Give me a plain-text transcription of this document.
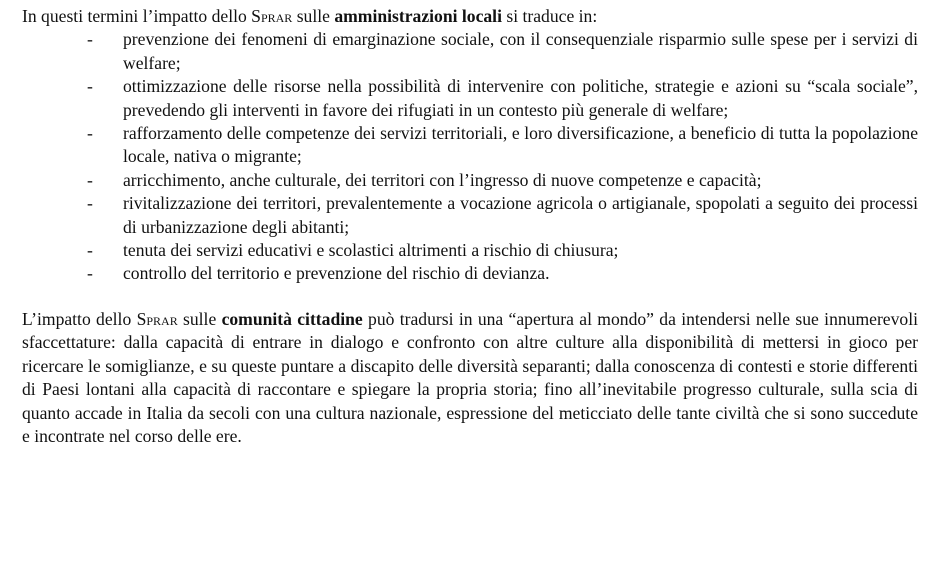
In questi termini l’impatto dello Sprar sulle amministrazioni locali si traduce in:

- prevenzione dei fenomeni di emarginazione sociale, con il consequenziale risparmio sulle spese per i servizi di welfare;
- ottimizzazione delle risorse nella possibilità di intervenire con politiche, strategie e azioni su “scala sociale”, prevedendo gli interventi in favore dei rifugiati in un contesto più generale di welfare;
- rafforzamento delle competenze dei servizi territoriali, e loro diversificazione, a beneficio di tutta la popolazione locale, nativa o migrante;
- arricchimento, anche culturale, dei territori con l’ingresso di nuove competenze e capacità;
- rivitalizzazione dei territori, prevalentemente a vocazione agricola o artigianale, spopolati a seguito dei processi di urbanizzazione degli abitanti;
- tenuta dei servizi educativi e scolastici altrimenti a rischio di chiusura;
- controllo del territorio e prevenzione del rischio di devianza.

L’impatto dello Sprar sulle comunità cittadine può tradursi in una “apertura al mondo” da intendersi nelle sue innumerevoli sfaccettature: dalla capacità di entrare in dialogo e confronto con altre culture alla disponibilità di mettersi in gioco per ricercare le somiglianze, e su queste puntare a discapito delle diversità separanti; dalla conoscenza di contesti e storie differenti di Paesi lontani alla capacità di raccontare e spiegare la propria storia; fino all’inevitabile progresso culturale, sulla scia di quanto accade in Italia da secoli con una cultura nazionale, espressione del meticciato delle tante civiltà che si sono succedute e incontrate nel corso delle ere.
